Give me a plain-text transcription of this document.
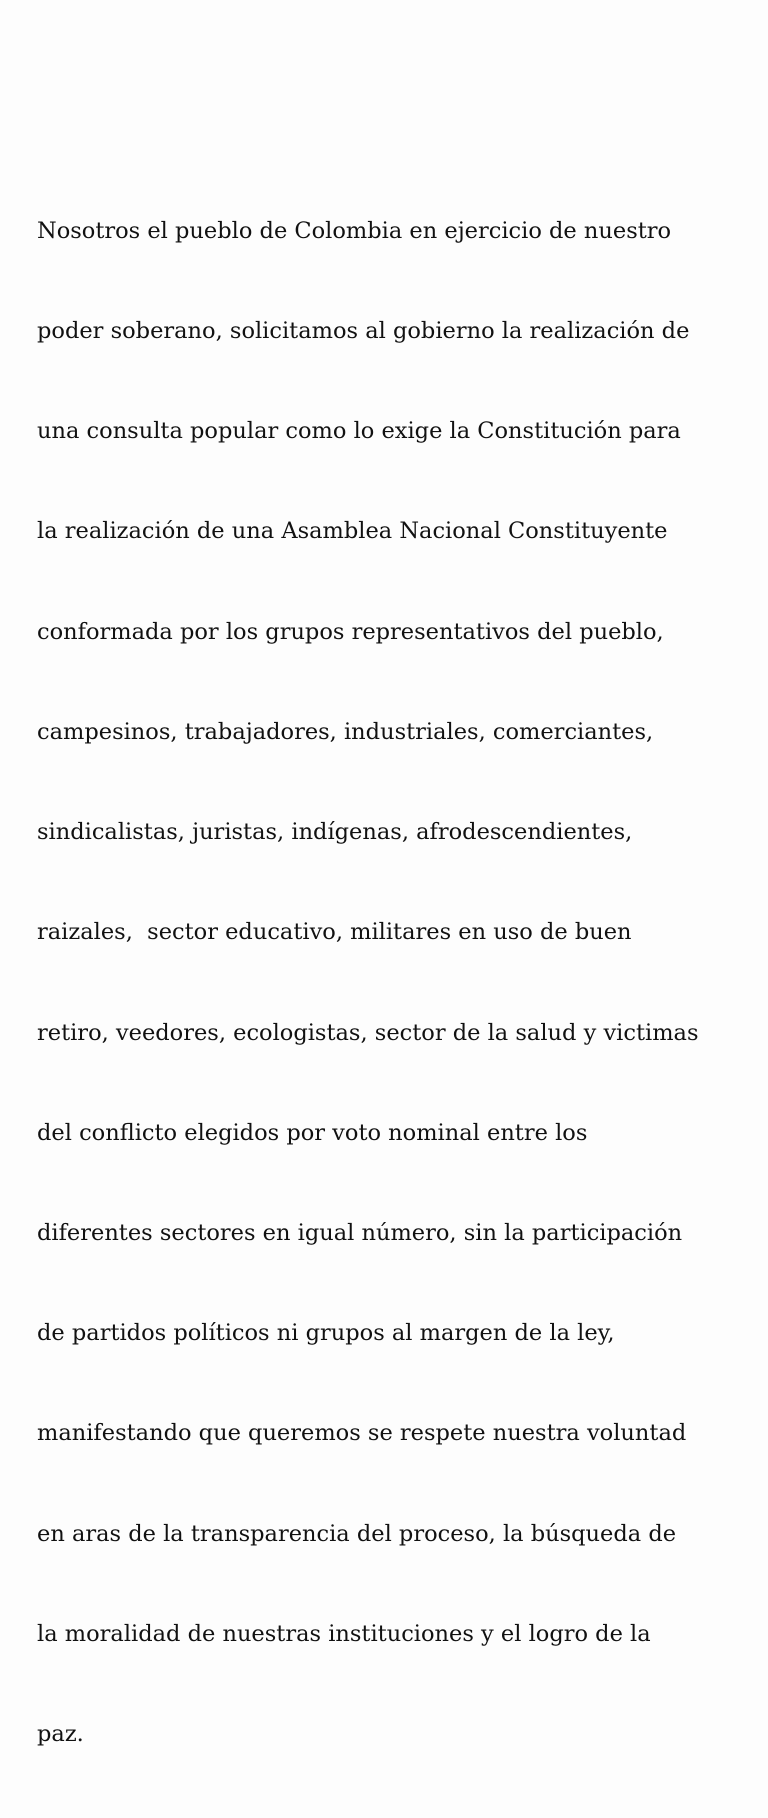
Nosotros el pueblo de Colombia en ejercicio de nuestro

poder soberano, solicitamos al gobierno la realización de

una consulta popular como lo exige la Constitución para

la realización de una Asamblea Nacional Constituyente

conformada por los grupos representativos del pueblo,

campesinos, trabajadores, industriales, comerciantes,

sindicalistas, juristas, indígenas, afrodescendientes,

raizales,  sector educativo, militares en uso de buen

retiro, veedores, ecologistas, sector de la salud y victimas

del conflicto elegidos por voto nominal entre los

diferentes sectores en igual número, sin la participación

de partidos políticos ni grupos al margen de la ley,

manifestando que queremos se respete nuestra voluntad

en aras de la transparencia del proceso, la búsqueda de

la moralidad de nuestras instituciones y el logro de la

paz.
